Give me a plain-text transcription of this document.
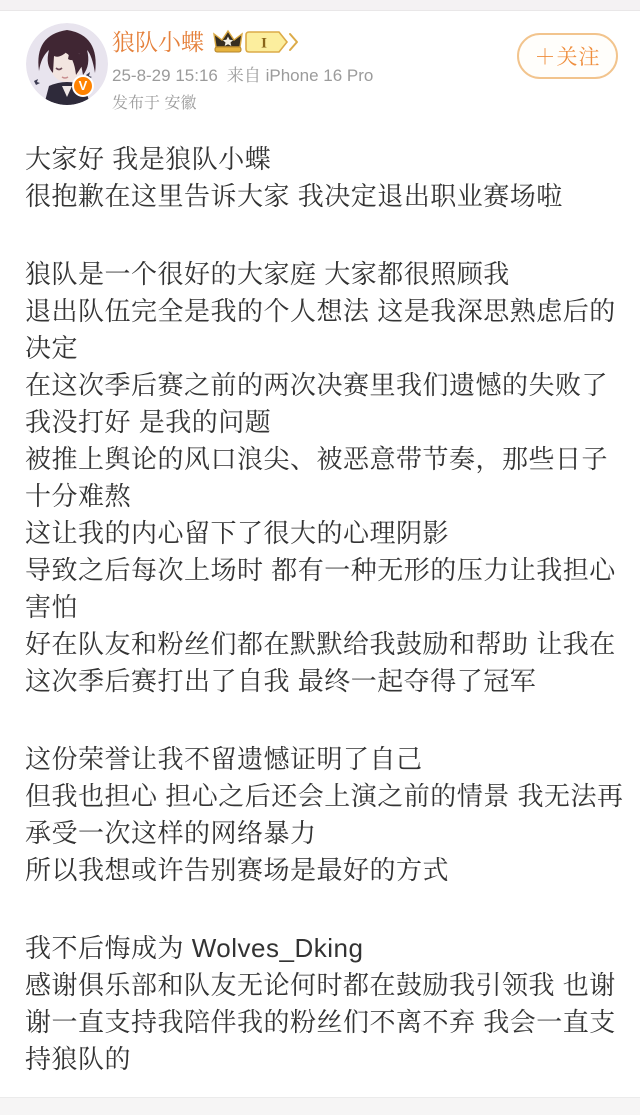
V
狼队小蝶	I
25-8-29 15:16 来自 iPhone 16 Pro
发布于 安徽
＋关注
大家好 我是狼队小蝶
很抱歉在这里告诉大家 我决定退出职业赛场啦
狼队是一个很好的大家庭 大家都很照顾我
退出队伍完全是我的个人想法 这是我深思熟虑后的
决定
在这次季后赛之前的两次决赛里我们遗憾的失败了
我没打好 是我的问题
被推上舆论的风口浪尖、被恶意带节奏，那些日子
十分难熬
这让我的内心留下了很大的心理阴影
导致之后每次上场时 都有一种无形的压力让我担心
害怕
好在队友和粉丝们都在默默给我鼓励和帮助 让我在
这次季后赛打出了自我 最终一起夺得了冠军
这份荣誉让我不留遗憾证明了自己
但我也担心 担心之后还会上演之前的情景 我无法再
承受一次这样的网络暴力
所以我想或许告别赛场是最好的方式
我不后悔成为 Wolves_Dking
感谢俱乐部和队友无论何时都在鼓励我引领我 也谢
谢一直支持我陪伴我的粉丝们不离不弃 我会一直支
持狼队的
